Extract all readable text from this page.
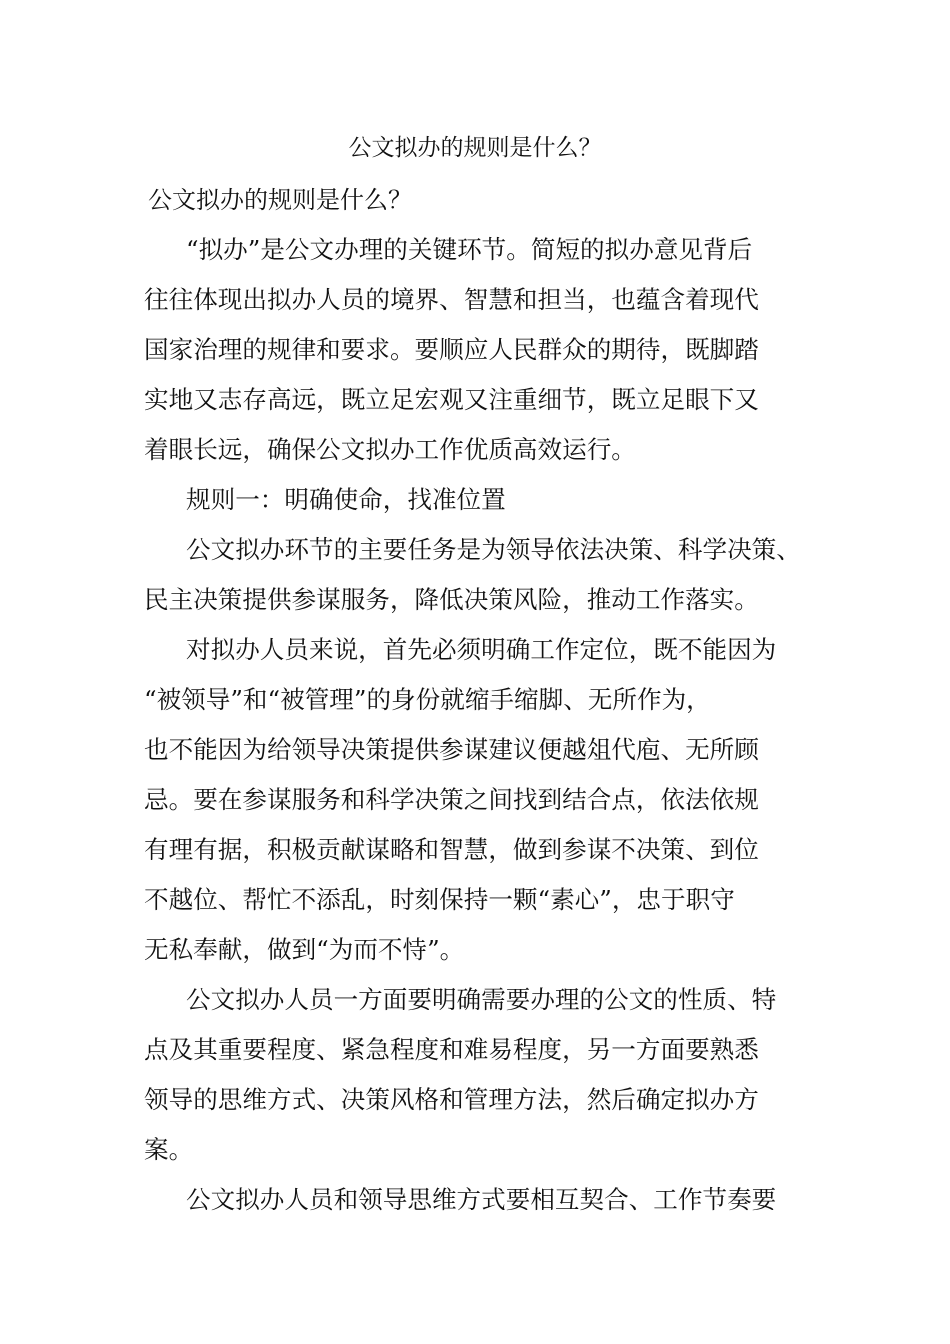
公文拟办的规则是什么？
公文拟办的规则是什么？
“拟办”是公文办理的关键环节。简短的拟办意见背后
往往体现出拟办人员的境界、智慧和担当，也蕴含着现代
国家治理的规律和要求。要顺应人民群众的期待，既脚踏
实地又志存高远，既立足宏观又注重细节，既立足眼下又
着眼长远，确保公文拟办工作优质高效运行。
规则一：明确使命，找准位置
公文拟办环节的主要任务是为领导依法决策、科学决策、
民主决策提供参谋服务，降低决策风险，推动工作落实。
对拟办人员来说，首先必须明确工作定位，既不能因为
“被领导”和“被管理”的身份就缩手缩脚、无所作为，
也不能因为给领导决策提供参谋建议便越俎代庖、无所顾
忌。要在参谋服务和科学决策之间找到结合点，依法依规
有理有据，积极贡献谋略和智慧，做到参谋不决策、到位
不越位、帮忙不添乱，时刻保持一颗“素心”，忠于职守
无私奉献，做到“为而不恃”。
公文拟办人员一方面要明确需要办理的公文的性质、特
点及其重要程度、紧急程度和难易程度，另一方面要熟悉
领导的思维方式、决策风格和管理方法，然后确定拟办方
案。
公文拟办人员和领导思维方式要相互契合、工作节奏要
